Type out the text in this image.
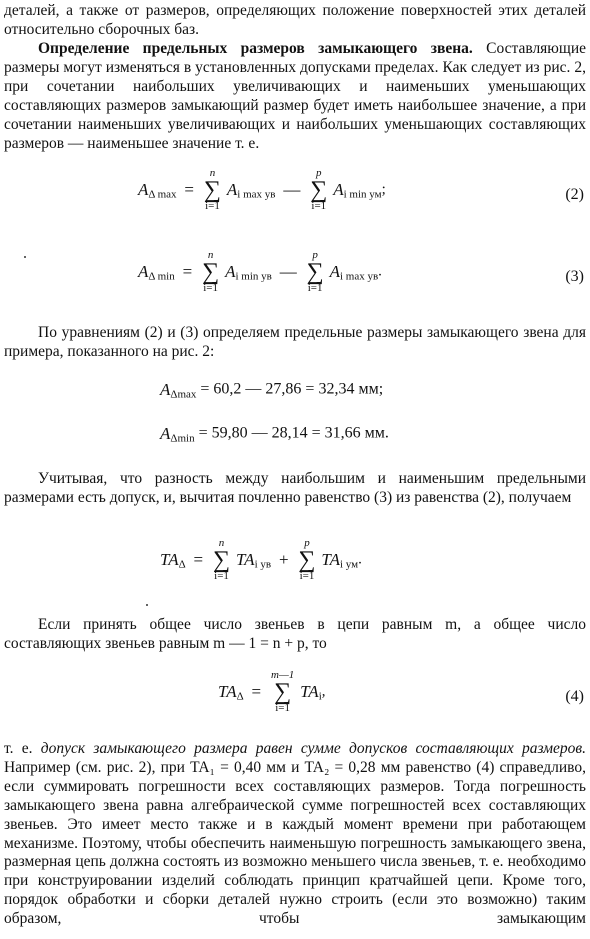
деталей, а также от размеров, определяющих положение поверхностей этих деталей относительно сборочных баз.

Определение предельных размеров замыкающего звена. Составляющие размеры могут изменяться в установленных допусками пределах. Как следует из рис. 2, при сочетании наибольших увеличивающих и наименьших уменьшающих составляющих размеров замыкающий размер будет иметь наибольшее значение, а при сочетании наименьших увеличивающих и наибольших уменьшающих составляющих размеров — наименьшее значение т. е.

$A_{\Delta max}$ =
n
∑
i=1
$A_{i max ув}$ —
p
∑
i=1
$A_{i min ум}$;	(2)
$A_{\Delta min}$ =
n
∑
i=1
$A_{i min ув}$ —
p
∑
i=1
$A_{i max ув}$.	(3)

По уравнениям (2) и (3) определяем предельные размеры замыкающего звена для примера, показанного на рис. 2:

$A_{\Delta max} = 60,2$ — 27,86 = 32,34 мм;
$A_{\Delta min} = 59,80$ — 28,14 = 31,66 мм.

Учитывая, что разность между наибольшим и наименьшим предельными размерами есть допуск, и, вычитая почленно равенство (3) из равенства (2), получаем

$TA_\Delta$ =
n
∑
i=1
$TA_{i ув}$ +
p
∑
i=1
$TA_{i ум}$.

Если принять общее число звеньев в цепи равным m, а общее число составляющих звеньев равным m — 1 = n + p, то

$TA_\Delta$ =
m—1
∑
i=1
$TA_i$,	(4)

т. е. допуск замыкающего размера равен сумме допусков составляющих размеров. Например (см. рис. 2), при TA₁ = 0,40 мм и TA₂ = 0,28 мм равенство (4) справедливо, если суммировать погрешности всех составляющих размеров. Тогда погрешность замыкающего звена равна алгебраической сумме погрешностей всех составляющих звеньев. Это имеет место также и в каждый момент времени при работающем механизме. Поэтому, чтобы обеспечить наименьшую погрешность замыкающего звена, размерная цепь должна состоять из возможно меньшего числа звеньев, т. е. необходимо при конструировании изделий соблюдать принцип кратчайшей цепи. Кроме того, порядок обработки и сборки деталей нужно строить (если это возможно) таким образом, чтобы замыкающим
